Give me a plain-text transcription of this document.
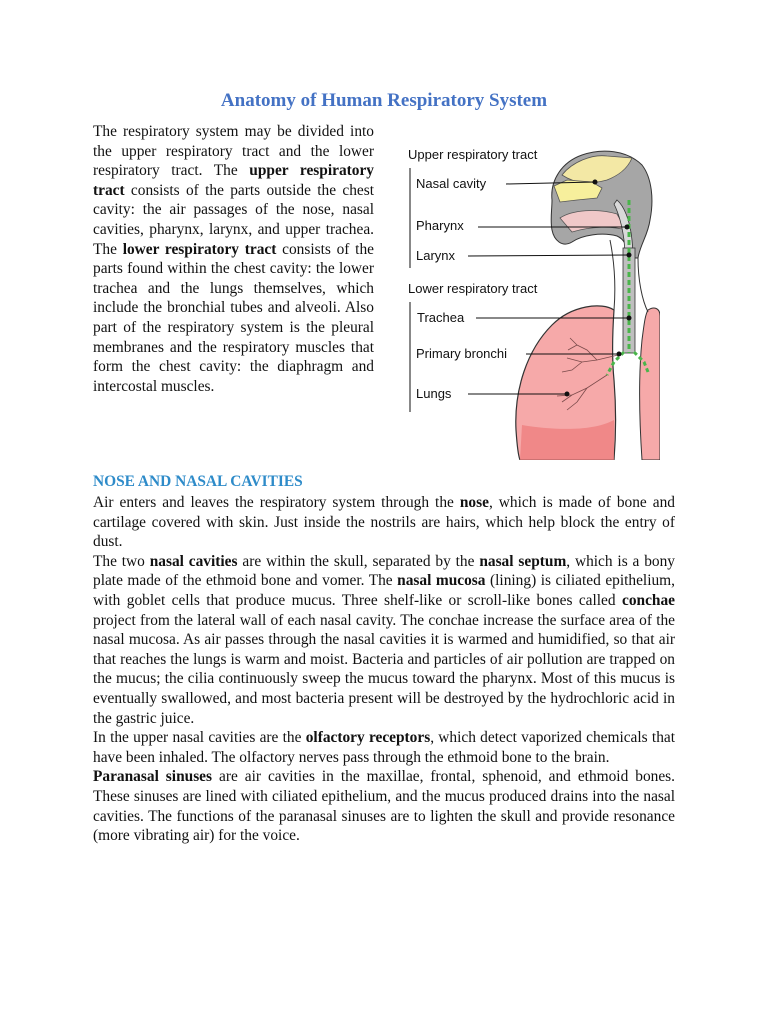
Anatomy of Human Respiratory System
The respiratory system may be divided into the upper respiratory tract and the lower respiratory tract. The upper respiratory tract consists of the parts outside the chest cavity: the air passages of the nose, nasal cavities, pharynx, larynx, and upper trachea. The lower respiratory tract consists of the parts found within the chest cavity: the lower trachea and the lungs themselves, which include the bronchial tubes and alveoli. Also part of the respiratory system is the pleural membranes and the respiratory muscles that form the chest cavity: the diaphragm and intercostal muscles.
Upper respiratory tract
Lower respiratory tract
Nasal cavity
Pharynx
Larynx
Trachea
Primary bronchi
Lungs
NOSE AND NASAL CAVITIES

Air enters and leaves the respiratory system through the nose, which is made of bone and cartilage covered with skin. Just inside the nostrils are hairs, which help block the entry of dust.

The two nasal cavities are within the skull, separated by the nasal septum, which is a bony plate made of the ethmoid bone and vomer. The nasal mucosa (lining) is ciliated epithelium, with goblet cells that produce mucus. Three shelf-like or scroll-like bones called conchae project from the lateral wall of each nasal cavity. The conchae increase the surface area of the nasal mucosa. As air passes through the nasal cavities it is warmed and humidified, so that air that reaches the lungs is warm and moist. Bacteria and particles of air pollution are trapped on the mucus; the cilia continuously sweep the mucus toward the pharynx. Most of this mucus is eventually swallowed, and most bacteria present will be destroyed by the hydrochloric acid in the gastric juice.

In the upper nasal cavities are the olfactory receptors, which detect vaporized chemicals that have been inhaled. The olfactory nerves pass through the ethmoid bone to the brain.

Paranasal sinuses are air cavities in the maxillae, frontal, sphenoid, and ethmoid bones. These sinuses are lined with ciliated epithelium, and the mucus produced drains into the nasal cavities. The functions of the paranasal sinuses are to lighten the skull and provide resonance (more vibrating air) for the voice.
